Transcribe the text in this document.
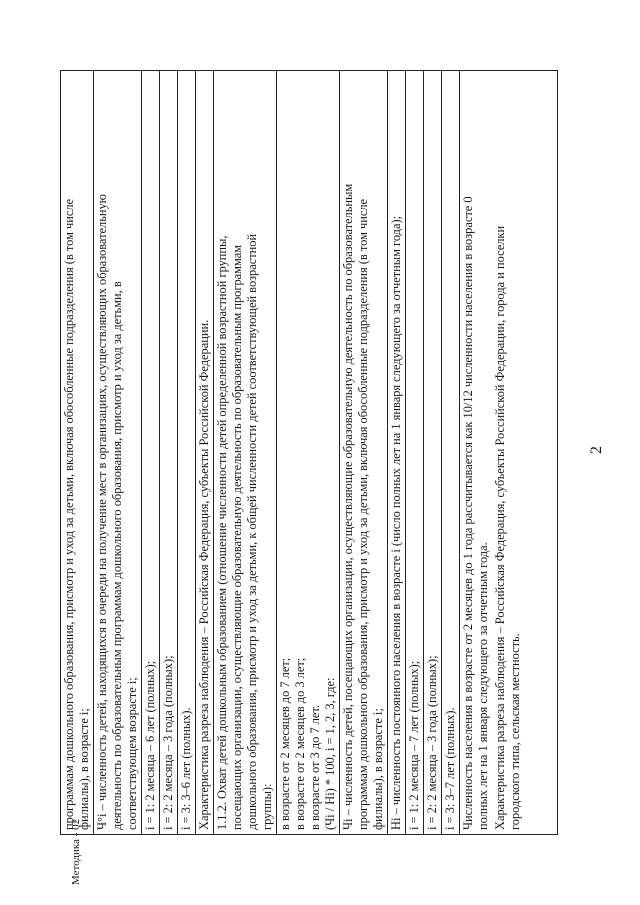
2
программам дошкольного образования, присмотр и уход за детьми, включая обособленные подразделения (в том числе филиалы), в возрасте i; Ч°i – численность детей, находящихся в очереди на получение мест в организациях, осуществляющих образовательную деятельность по образовательным программам дошкольного образования, присмотр и уход за детьми, в соответствующем возрасте i; i = 1: 2 месяца – 6 лет (полных); i = 2: 2 месяца – 3 года (полных); i = 3: 3–6 лет (полных). Характеристика разреза наблюдения – Российская Федерация, субъекты Российской Федерации. 1.1.2. Охват детей дошкольным образованием (отношение численности детей определенной возрастной группы, посещающих организации, осуществляющие образовательную деятельность по образовательным программам дошкольного образования, присмотр и уход за детьми, к общей численности детей соответствующей возрастной группы): в возрасте от 2 месяцев до 7 лет; в возрасте от 2 месяцев до 3 лет; в возрасте от 3 до 7 лет. (Чi / Нi) * 100, i = 1, 2, 3, где: Чi – численность детей, посещающих организации, осуществляющие образовательную деятельность по образовательным программам дошкольного образования, присмотр и уход за детьми, включая обособленные подразделения (в том числе филиалы), в возрасте i; Нi – численность постоянного населения в возрасте i (число полных лет на 1 января следующего за отчетным года); i = 1: 2 месяца – 7 лет (полных); i = 2: 2 месяца – 3 года (полных); i = 3: 3–7 лет (полных). Численность населения в возрасте от 2 месяцев до 1 года рассчитывается как 10/12 численности населения в возрасте 0 полных лет на 1 января следующего за отчетным года. Характеристика разреза наблюдения – Российская Федерация, субъекты Российской Федерации, города и поселки городского типа, сельская местность.
Методика - 02
